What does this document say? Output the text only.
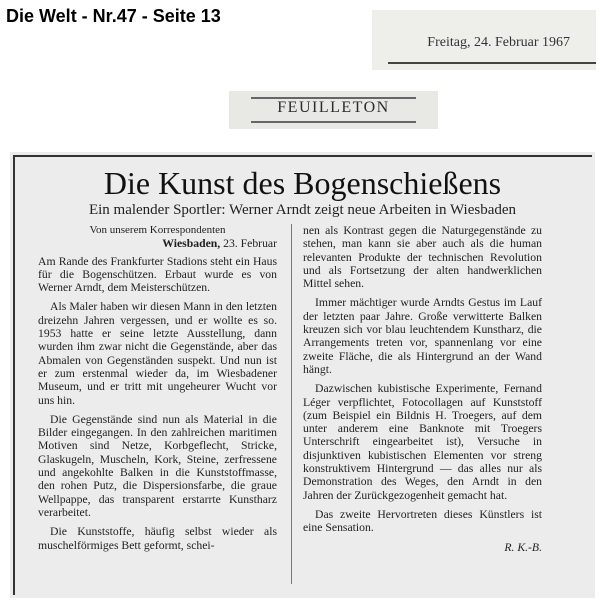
Die Welt - Nr.47 - Seite 13
Freitag, 24. Februar 1967
FEUILLETON
Die Kunst des Bogenschießens
Ein malender Sportler: Werner Arndt zeigt neue Arbeiten in Wiesbaden
Von unserem Korrespondenten
Wiesbaden, 23. Februar

Am Rande des Frankfurter Stadions steht ein Haus für die Bogenschützen. Erbaut wurde es von Werner Arndt, dem Meisterschützen.

Als Maler haben wir diesen Mann in den letzten dreizehn Jahren vergessen, und er wollte es so. 1953 hatte er seine letzte Ausstellung, dann wurden ihm zwar nicht die Gegenstände, aber das Abmalen von Gegenständen suspekt. Und nun ist er zum erstenmal wieder da, im Wiesbadener Museum, und er tritt mit ungeheurer Wucht vor uns hin.

Die Gegenstände sind nun als Material in die Bilder eingegangen. In den zahlreichen maritimen Motiven sind Netze, Korbgeflecht, Stricke, Glaskugeln, Muscheln, Kork, Steine, zerfressene und angekohlte Balken in die Kunststoffmasse, den rohen Putz, die Dispersionsfarbe, die graue Wellpappe, das transparent erstarrte Kunstharz verarbeitet.

Die Kunststoffe, häufig selbst wieder als muschelförmiges Bett geformt, schei-

nen als Kontrast gegen die Naturgegenstände zu stehen, man kann sie aber auch als die human relevanten Produkte der technischen Revolution und als Fortsetzung der alten handwerklichen Mittel sehen.

Immer mächtiger wurde Arndts Gestus im Lauf der letzten paar Jahre. Große verwitterte Balken kreuzen sich vor blau leuchtendem Kunstharz, die Arrangements treten vor, spannenlang vor eine zweite Fläche, die als Hintergrund an der Wand hängt.

Dazwischen kubistische Experimente, Fernand Léger verpflichtet, Fotocollagen auf Kunststoff (zum Beispiel ein Bildnis H. Troegers, auf dem unter anderem eine Banknote mit Troegers Unterschrift eingearbeitet ist), Versuche in disjunktiven kubistischen Elementen vor streng konstruktivem Hintergrund — das alles nur als Demonstration des Weges, den Arndt in den Jahren der Zurückgezogenheit gemacht hat.

Das zweite Hervortreten dieses Künstlers ist eine Sensation.

R. K.-B.
